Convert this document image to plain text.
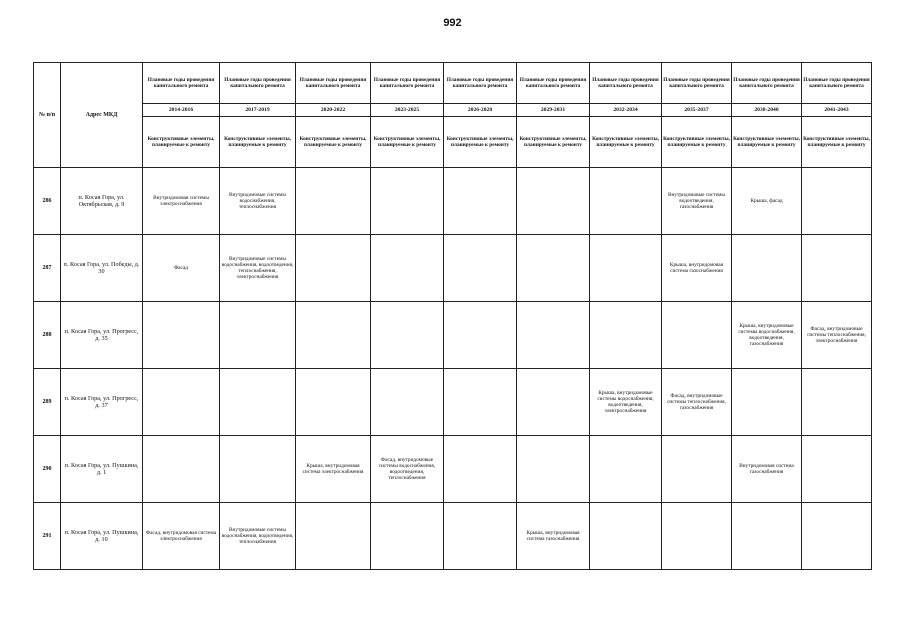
992
№ п/п	Адрес МКД	Плановые годы проведения капитального ремонта	Плановые годы проведения капитального ремонта	Плановые годы проведения капитального ремонта	Плановые годы проведения капитального ремонта	Плановые годы проведения капитального ремонта	Плановые годы проведения капитального ремонта	Плановые годы проведения капитального ремонта	Плановые годы проведения капитального ремонта	Плановые годы проведения капитального ремонта	Плановые годы проведения капитального ремонта
		2014-2016	2017-2019	2020-2022	2023-2025	2026-2028	2029-2031	2032-2034	2035-2037	2038-2040	2041-2043
		Конструктивные элементы, планируемые к ремонту	Конструктивные элементы, планируемые к ремонту	Конструктивные элементы, планируемые к ремонту	Конструктивные элементы, планируемые к ремонту	Конструктивные элементы, планируемые к ремонту	Конструктивные элементы, планируемые к ремонту	Конструктивные элементы, планируемые к ремонту	Конструктивные элементы, планируемые к ремонту	Конструктивные элементы, планируемые к ремонту	Конструктивные элементы, планируемые к ремонту
286	п. Косая Гора, ул. Октябрьская, д. 9	Внутридомовая системы электроснабжения	Внутридомовые системы водоснабжения, теплоснабжения						Внутридомовые системы водоотведения, газоснабжения	Крыша, фасад	
287	п. Косая Гора, ул. Победы, д. 30	Фасад	Внутридомовые системы водоснабжения, водоотведения, теплоснабжения, электроснабжения						Крыша, внутридомовая система газоснабжения		
288	п. Косая Гора, ул. Прогресс, д. 35									Крыша, внутридомовые системы водоснабжения, водоотведения, газоснабжения	Фасад, внутридомовые системы теплоснабжения, электроснабжения
289	п. Косая Гора, ул. Прогресс, д. 37							Крыша, внутридомовые системы водоснабжения, водоотведения, электроснабжения	Фасад, внутридомовые системы теплоснабжения, газоснабжения		
290	п. Косая Гора, ул. Пушкина, д. 1			Крыша, внутридомовая система электроснабжения	Фасад, внутридомовые системы водоснабжения, водоотведения, теплоснабжения					Внутридомовая система газоснабжения	
291	п. Косая Гора, ул. Пушкина, д. 10	Фасад, внутридомовая система электроснабжения	Внутридомовые системы водоснабжения, водоотведения, теплоснабжения				Крыша, внутридомовая система газоснабжения				
